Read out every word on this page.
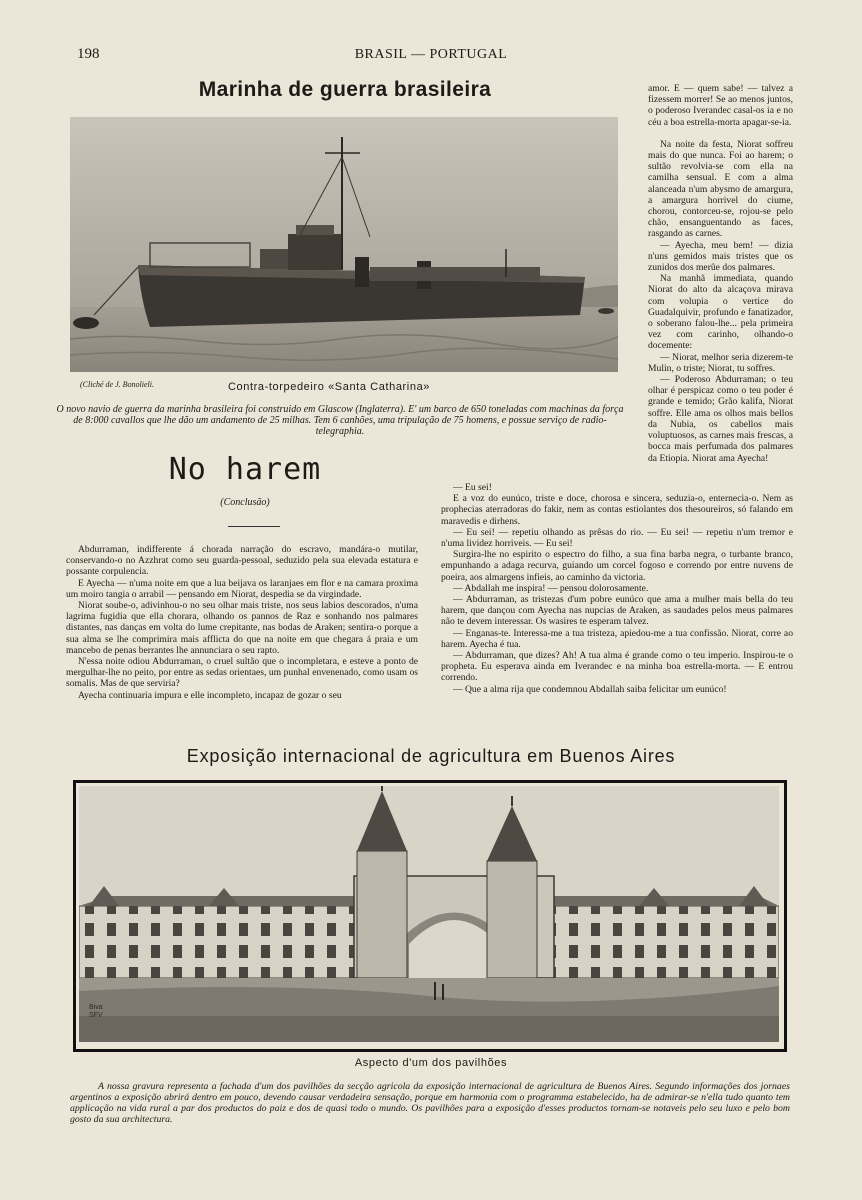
198	BRASIL — PORTUGAL
Marinha de guerra brasileira
(Cliché de J. Bonolieli.	Contra-torpedeiro «Santa Catharina»
O novo navio de guerra da marinha brasileira foi construido em Glascow (Inglaterra). E' um barco de 650 toneladas com machinas da força de 8:000 cavallos que lhe dão um andamento de 25 milhas. Tem 6 canhões, uma tripulação de 75 homens, e possue serviço de radio-telegraphia.

amor. E — quem sabe! — talvez a fizessem morrer! Se ao menos juntos, o poderoso Iverandec casal-os ia e no céu a boa estrella-morta apagar-se-ia.

Na noite da festa, Niorat soffreu mais do que nunca. Foi ao harem; o sultão revolvia-se com ella na camilha sensual. E com a alma alanceada n'um abysmo de amargura, a amargura horrivel do ciume, chorou, contorceu-se, rojou-se pelo chão, ensanguentando as faces, rasgando as carnes.

— Ayecha, meu bem! — dizia n'uns gemidos mais tristes que os zunidos dos merûe dos palmares.

Na manhã immediata, quando Niorat do alto da alcaçova mirava com volupia o vertice do Guadalquivir, profundo e fanatizador, o soberano falou-lhe... pela primeira vez com carinho, olhando-o docemente:

— Niorat, melhor seria dizerem-te Mulin, o triste; Niorat, tu soffres.

— Poderoso Abdurraman; o teu olhar é perspicaz como o teu poder é grande e temido; Grão kalifa, Niorat soffre. Elle ama os olhos mais bellos da Nubia, os cabellos mais voluptuosos, as carnes mais frescas, a bocca mais perfumada dos palmares da Etiopia. Niorat ama Ayecha!

No harem
(Conclusão)

Abdurraman, indifferente á chorada narração do escravo, mandára-o mutilar, conservando-o no Azzhrat como seu guarda-pessoal, seduzido pela sua elevada estatura e possante corpulencia.

E Ayecha — n'uma noite em que a lua beijava os laranjaes em flor e na camara proxima um moiro tangia o arrabil — pensando em Niorat, despedia se da virgindade.

Niorat soube-o, adivinhou-o no seu olhar mais triste, nos seus labios descorados, n'uma lagrima fugidia que ella chorara, olhando os pannos de Raz e sonhando nos palmares distantes, nas danças em volta do lume crepitante, nas bodas de Araken; sentira-o porque a sua alma se lhe comprimira mais afflicta do que na noite em que chegara á praia e um mancebo de penas berrantes lhe annunciara o seu rapto.

N'essa noite odiou Abdurraman, o cruel sultão que o incompletara, e esteve a ponto de mergulhar-lhe no peito, por entre as sedas orientaes, um punhal envenenado, como usam os somalis. Mas de que serviria?

Ayecha continuaria impura e elle incompleto, incapaz de gozar o seu

— Eu sei!

E a voz do eunúco, triste e doce, chorosa e sincera, seduzia-o, enternecia-o. Nem as prophecias aterradoras do fakir, nem as contas estiolantes dos thesoureiros, só falando em maravedis e dirhens.

— Eu sei! — repetiu olhando as prêsas do rio. — Eu sei! — repetiu n'um tremor e n'uma lividez horriveis. — Eu sei!

Surgira-lhe no espirito o espectro do filho, a sua fina barba negra, o turbante branco, empunhando a adaga recurva, guiando um corcel fogoso e correndo por entre nuvens de poeira, aos almargens infieis, ao caminho da victoria.

— Abdallah me inspira! — pensou dolorosamente.

— Abdurraman, as tristezas d'um pobre eunúco que ama a mulher mais bella do teu harem, que dançou com Ayecha nas nupcias de Araken, as saudades pelos meus palmares não te devem interessar. Os wasires te esperam talvez.

— Enganas-te. Interessa-me a tua tristeza, apiedou-me a tua confissão. Niorat, corre ao harem. Ayecha é tua.

— Abdurraman, que dizes? Ah! A tua alma é grande como o teu imperio. Inspirou-te o propheta. Eu esperava ainda em Iverandec e na minha boa estrella-morta. — E entrou correndo.

— Que a alma rija que condemnou Abdallah saiba felicitar um eunúco!

Exposição internacional de agricultura em Buenos Aires
Biva SFV
Aspecto d'um dos pavilhões

A nossa gravura representa a fachada d'um dos pavilhões da secção agricola da exposição internacional de agricultura de Buenos Aires. Segundo informações dos jornaes argentinos a exposição abrirá dentro em pouco, devendo causar verdadeira sensação, porque em harmonia com o programma estabelecido, ha de admirar-se n'ella tudo quanto tem applicação na vida rural a par dos productos do paiz e dos de quasi todo o mundo. Os pavilhões para a exposição d'esses productos tornam-se notaveis pelo seu luxo e pelo bom gosto da sua architectura.
